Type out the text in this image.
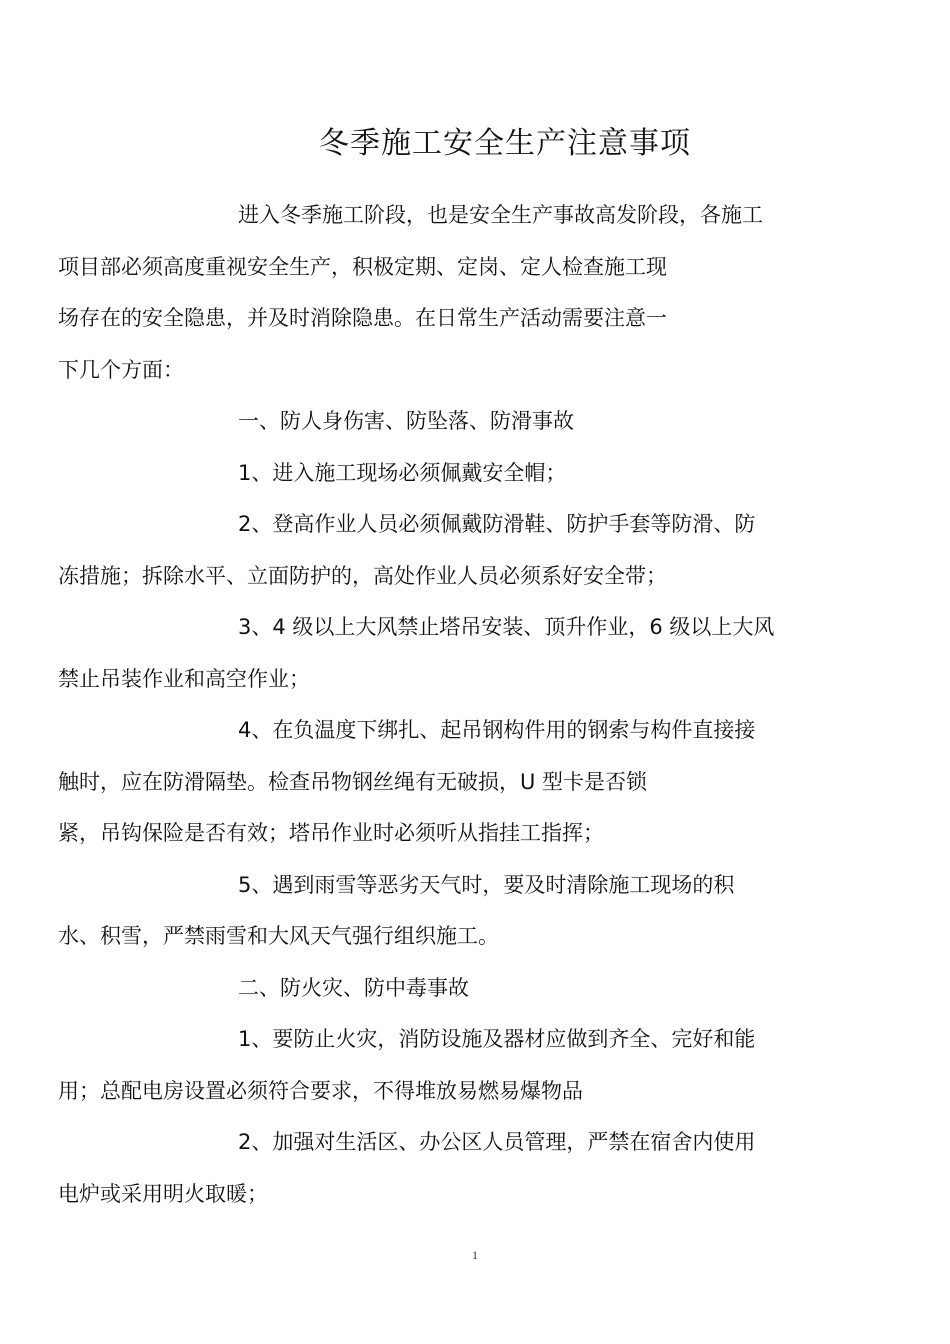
冬季施工安全生产注意事项

进入冬季施工阶段，也是安全生产事故高发阶段，各施工
项目部必须高度重视安全生产，积极定期、定岗、定人检查施工现
场存在的安全隐患，并及时消除隐患。在日常生产活动需要注意一
下几个方面：

一、防人身伤害、防坠落、防滑事故

1、进入施工现场必须佩戴安全帽；

2、登高作业人员必须佩戴防滑鞋、防护手套等防滑、防
冻措施；拆除水平、立面防护的，高处作业人员必须系好安全带；

3、4 级以上大风禁止塔吊安装、顶升作业，6 级以上大风
禁止吊装作业和高空作业；

4、在负温度下绑扎、起吊钢构件用的钢索与构件直接接
触时，应在防滑隔垫。检查吊物钢丝绳有无破损，U 型卡是否锁
紧，吊钩保险是否有效；塔吊作业时必须听从指挂工指挥；

5、遇到雨雪等恶劣天气时，要及时清除施工现场的积
水、积雪，严禁雨雪和大风天气强行组织施工。

二、防火灾、防中毒事故

1、要防止火灾，消防设施及器材应做到齐全、完好和能
用；总配电房设置必须符合要求，不得堆放易燃易爆物品

2、加强对生活区、办公区人员管理，严禁在宿舍内使用
电炉或采用明火取暖；

1
